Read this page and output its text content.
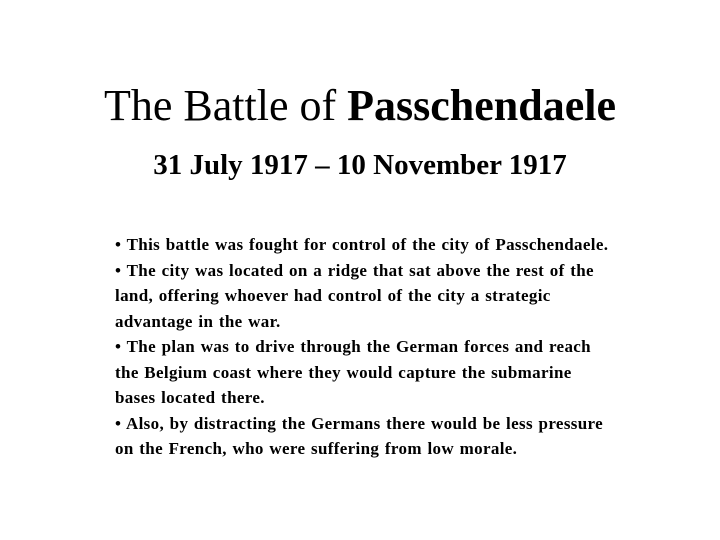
The Battle of Passchendaele
31 July 1917 – 10 November 1917
• This battle was fought for control of the city of Passchendaele.
• The city was located on a ridge that sat above the rest of the land, offering whoever had control of the city a strategic advantage in the war.
• The plan was to drive through the German forces and reach the Belgium coast where they would capture the submarine bases located there.
• Also, by distracting the Germans there would be less pressure on the French, who were suffering from low morale.
